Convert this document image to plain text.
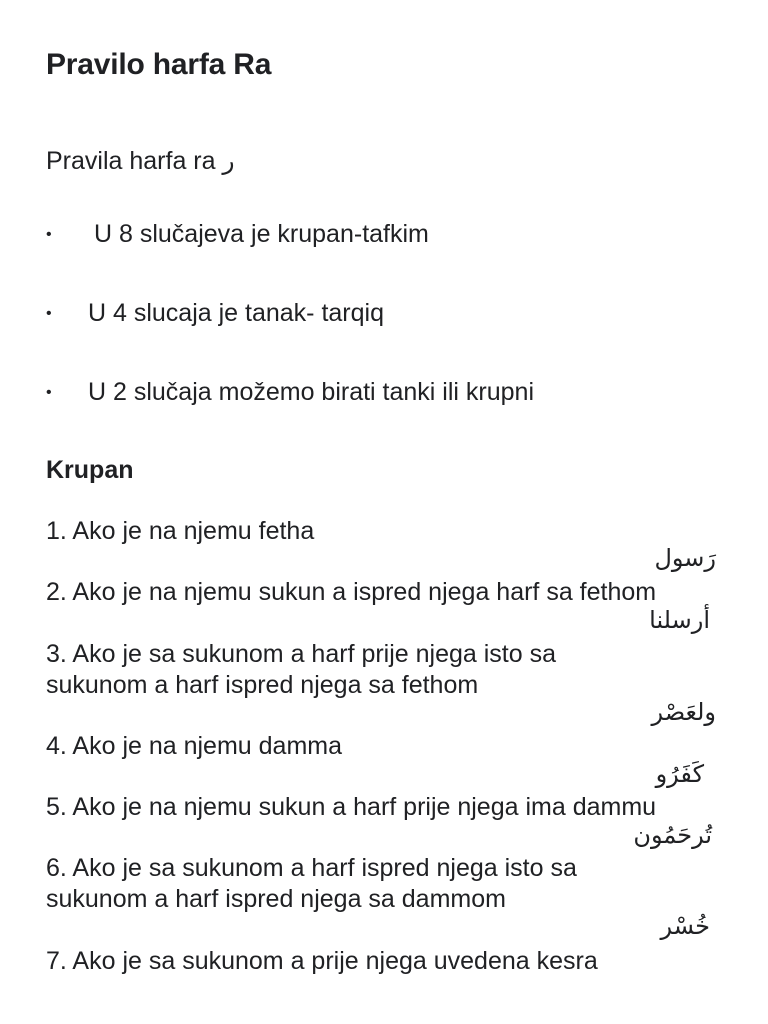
Pravilo harfa Ra
Pravila harfa ra ر
• U 8 slučajeva je krupan-tafkim
• U 4 slucaja je tanak- tarqiq
• U 2 slučaja možemo birati tanki ili krupni
Krupan
1. Ako je na njemu fetha
رَسول
2. Ako je na njemu sukun a ispred njega harf sa fethom
أرسلنا
3. Ako je sa sukunom a harf prije njega isto sa sukunom a harf ispred njega sa fethom
ولعَصْر
4. Ako je na njemu damma
كَفَرُو
5. Ako je na njemu sukun a harf prije njega ima dammu
تُرحَمُون
6. Ako je sa sukunom a harf ispred njega isto sa sukunom a harf ispred njega sa dammom
خُسْر
7. Ako je sa sukunom a prije njega uvedena kesra
